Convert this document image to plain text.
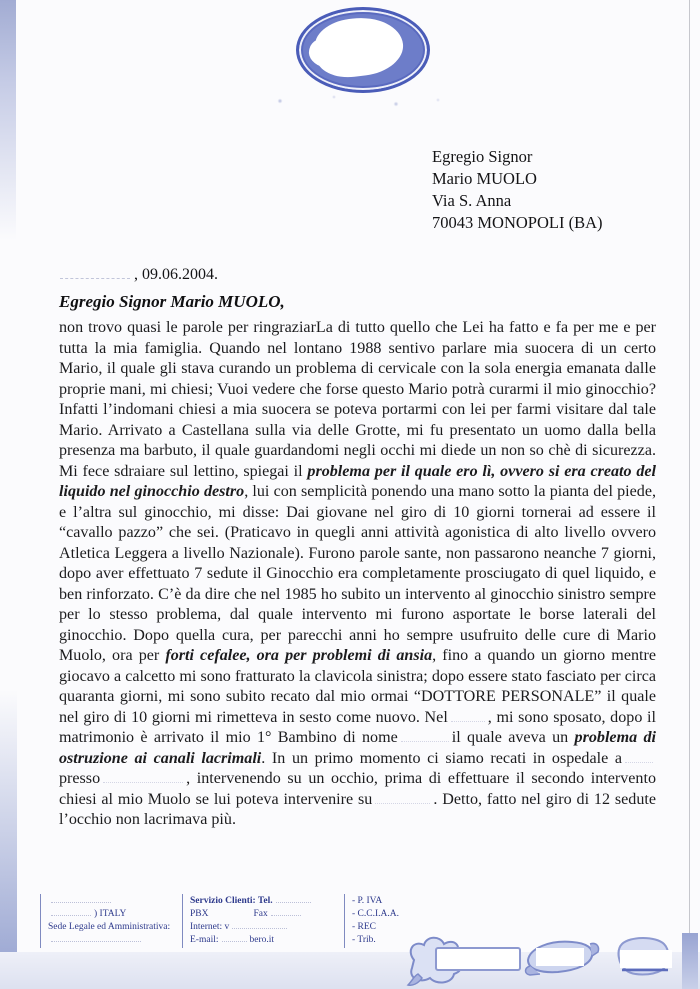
Egregio Signor
Mario MUOLO
Via S. Anna
70043 MONOPOLI (BA)
, 09.06.2004.
Egregio Signor Mario MUOLO,

non trovo quasi le parole per ringraziarLa di tutto quello che Lei ha fatto e fa per me e per tutta la mia famiglia. Quando nel lontano 1988 sentivo parlare mia suocera di un certo Mario, il quale gli stava curando un problema di cervicale con la sola energia emanata dalle proprie mani, mi chiesi; Vuoi vedere che forse questo Mario potrà curarmi il mio ginocchio? Infatti l’indomani chiesi a mia suocera se poteva portarmi con lei per farmi visitare dal tale Mario. Arrivato a Castellana sulla via delle Grotte, mi fu presentato un uomo dalla bella presenza ma barbuto, il quale guardandomi negli occhi mi diede un non so chè di sicurezza. Mi fece sdraiare sul lettino, spiegai il problema per il quale ero lì, ovvero si era creato del liquido nel ginocchio destro, lui con semplicità ponendo una mano sotto la pianta del piede, e l’altra sul ginocchio, mi disse: Dai giovane nel giro di 10 giorni tornerai ad essere il “cavallo pazzo” che sei. (Praticavo in quegli anni attività agonistica di alto livello ovvero Atletica Leggera a livello Nazionale). Furono parole sante, non passarono neanche 7 giorni, dopo aver effettuato 7 sedute il Ginocchio era completamente prosciugato di quel liquido, e ben rinforzato. C’è da dire che nel 1985 ho subito un intervento al ginocchio sinistro sempre per lo stesso problema, dal quale intervento mi furono asportate le borse laterali del ginocchio. Dopo quella cura, per parecchi anni ho sempre usufruito delle cure di Mario Muolo, ora per forti cefalee, ora per problemi di ansia, fino a quando un giorno mentre giocavo a calcetto mi sono fratturato la clavicola sinistra; dopo essere stato fasciato per circa quaranta giorni, mi sono subito recato dal mio ormai “DOTTORE PERSONALE” il quale nel giro di 10 giorni mi rimetteva in sesto come nuovo. Nel , mi sono sposato, dopo il matrimonio è arrivato il mio 1° Bambino di nome	il quale aveva un problema di ostruzione ai canali lacrimali. In un primo momento ci siamo recati in ospedale apresso	, intervenendo su un occhio, prima di effettuare il secondo intervento chiesi al mio Muolo se lui poteva intervenire su	. Detto, fatto nel giro di 12 sedute l’occhio non lacrimava più.

) ITALY
Sede Legale ed Amministrativa:
Servizio Clienti: Tel.
PBX	Fax
Internet: v
E-mail:	bero.it
- P. IVA
- C.C.I.A.A.
- REC
- Trib.
